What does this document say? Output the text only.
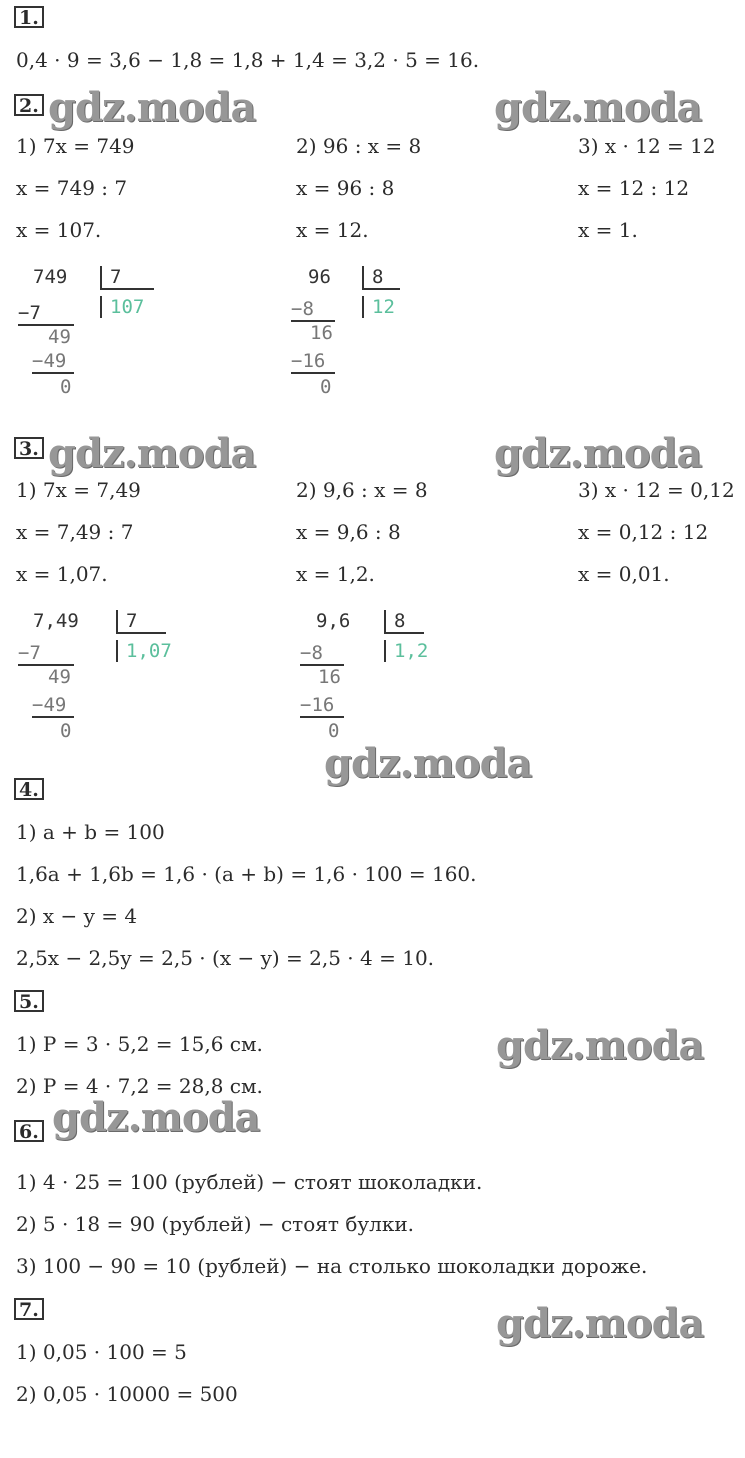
1.
0,4 · 9 = 3,6 − 1,8 = 1,8 + 1,4 = 3,2 · 5 = 16.
2. gdz.moda	gdz.moda
1) 7x = 749
x = 749 : 7
x = 107.
2) 96 : x = 8
x = 96 : 8
x = 12.
3) x · 12 = 12
x = 12 : 12
x = 1.
749	7
107
−7
49
−49
0
96	8
12
−8
16
−16
0
3. gdz.moda	gdz.moda
1) 7x = 7,49
x = 7,49 : 7
x = 1,07.
2) 9,6 : x = 8
x = 9,6 : 8
x = 1,2.
3) x · 12 = 0,12
x = 0,12 : 12
x = 0,01.
7,49	7
1,07
−7
49
−49
0
9,6	8
1,2
−8
16
−16
0
gdz.moda
4.
1) a + b = 100
1,6a + 1,6b = 1,6 · (a + b) = 1,6 · 100 = 160.
2) x − y = 4
2,5x − 2,5y = 2,5 · (x − y) = 2,5 · 4 = 10.
5.
gdz.moda
1) P = 3 · 5,2 = 15,6 см.
2) P = 4 · 7,2 = 28,8 см.
6. gdz.moda
1) 4 · 25 = 100 (рублей) − стоят шоколадки.
2) 5 · 18 = 90 (рублей) − стоят булки.
3) 100 − 90 = 10 (рублей) − на столько шоколадки дороже.
7.	gdz.moda
1) 0,05 · 100 = 5
2) 0,05 · 10000 = 500
